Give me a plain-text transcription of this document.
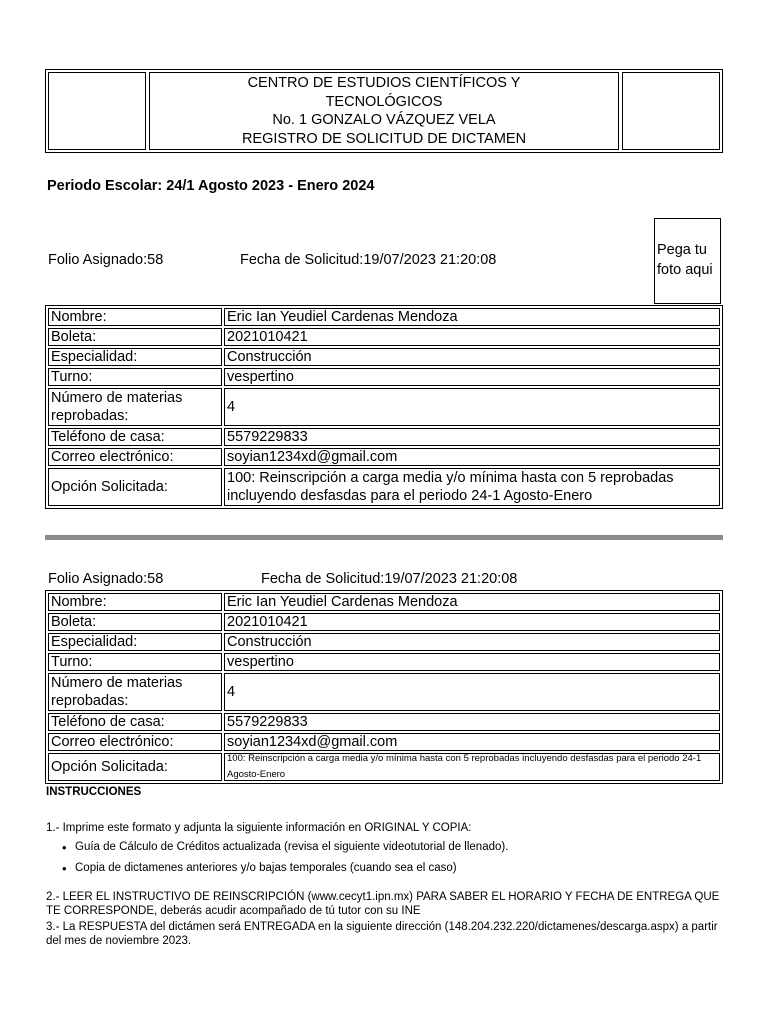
CENTRO DE ESTUDIOS CIENTÍFICOS Y
TECNOLÓGICOS
No. 1 GONZALO VÁZQUEZ VELA
REGISTRO DE SOLICITUD DE DICTAMEN
Periodo Escolar: 24/1 Agosto 2023 - Enero 2024
Pega tu
foto aqui
Folio Asignado:58	Fecha de Solicitud:19/07/2023 21:20:08
Nombre:	Eric Ian Yeudiel Cardenas Mendoza
Boleta:	2021010421
Especialidad:	Construcción
Turno:	vespertino
Número de materias reprobadas:
4
Teléfono de casa:	5579229833
Correo electrónico:	soyian1234xd@gmail.com
Opción Solicitada:
100: Reinscripción a carga media y/o mínima hasta con 5 reprobadas incluyendo desfasdas para el periodo 24-1 Agosto-Enero
Folio Asignado:58	Fecha de Solicitud:19/07/2023 21:20:08
Nombre:	Eric Ian Yeudiel Cardenas Mendoza
Boleta:	2021010421
Especialidad:	Construcción
Turno:	vespertino
Número de materias reprobadas:
4
Teléfono de casa:	5579229833
Correo electrónico:	soyian1234xd@gmail.com
Opción Solicitada:
100: Reinscripción a carga media y/o mínima hasta con 5 reprobadas incluyendo desfasdas para el periodo 24-1 Agosto-Enero
INSTRUCCIONES
1.- Imprime este formato y adjunta la siguiente información en ORIGINAL Y COPIA:
• Guía de Cálculo de Créditos actualizada (revisa el siguiente videotutorial de llenado).
• Copia de dictamenes anteriores y/o bajas temporales (cuando sea el caso)
2.- LEER EL INSTRUCTIVO DE REINSCRIPCIÓN (www.cecyt1.ipn.mx) PARA SABER EL HORARIO Y FECHA DE ENTREGA QUE TE CORRESPONDE, deberás acudir acompañado de tú tutor con su INE
3.- La RESPUESTA del dictámen será ENTREGADA en la siguiente dirección (148.204.232.220/dictamenes/descarga.aspx) a partir del mes de noviembre 2023.
